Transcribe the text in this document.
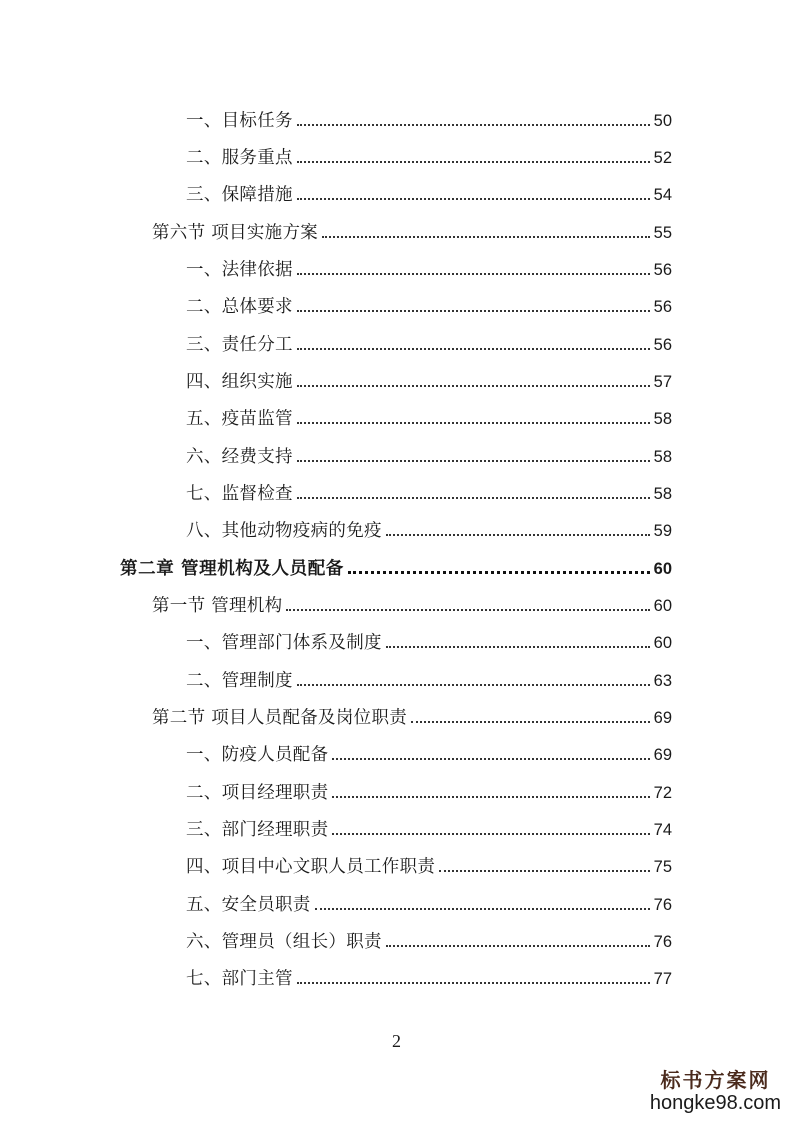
一、目标任务	50
二、服务重点	52
三、保障措施	54
第六节 项目实施方案	55
一、法律依据	56
二、总体要求	56
三、责任分工	56
四、组织实施	57
五、疫苗监管	58
六、经费支持	58
七、监督检查	58
八、其他动物疫病的免疫	59
第二章 管理机构及人员配备	60
第一节 管理机构	60
一、管理部门体系及制度	60
二、管理制度	63
第二节 项目人员配备及岗位职责	69
一、防疫人员配备	69
二、项目经理职责	72
三、部门经理职责	74
四、项目中心文职人员工作职责	75
五、安全员职责	76
六、管理员（组长）职责	76
七、部门主管	77
2
标书方案网
hongke98.com
